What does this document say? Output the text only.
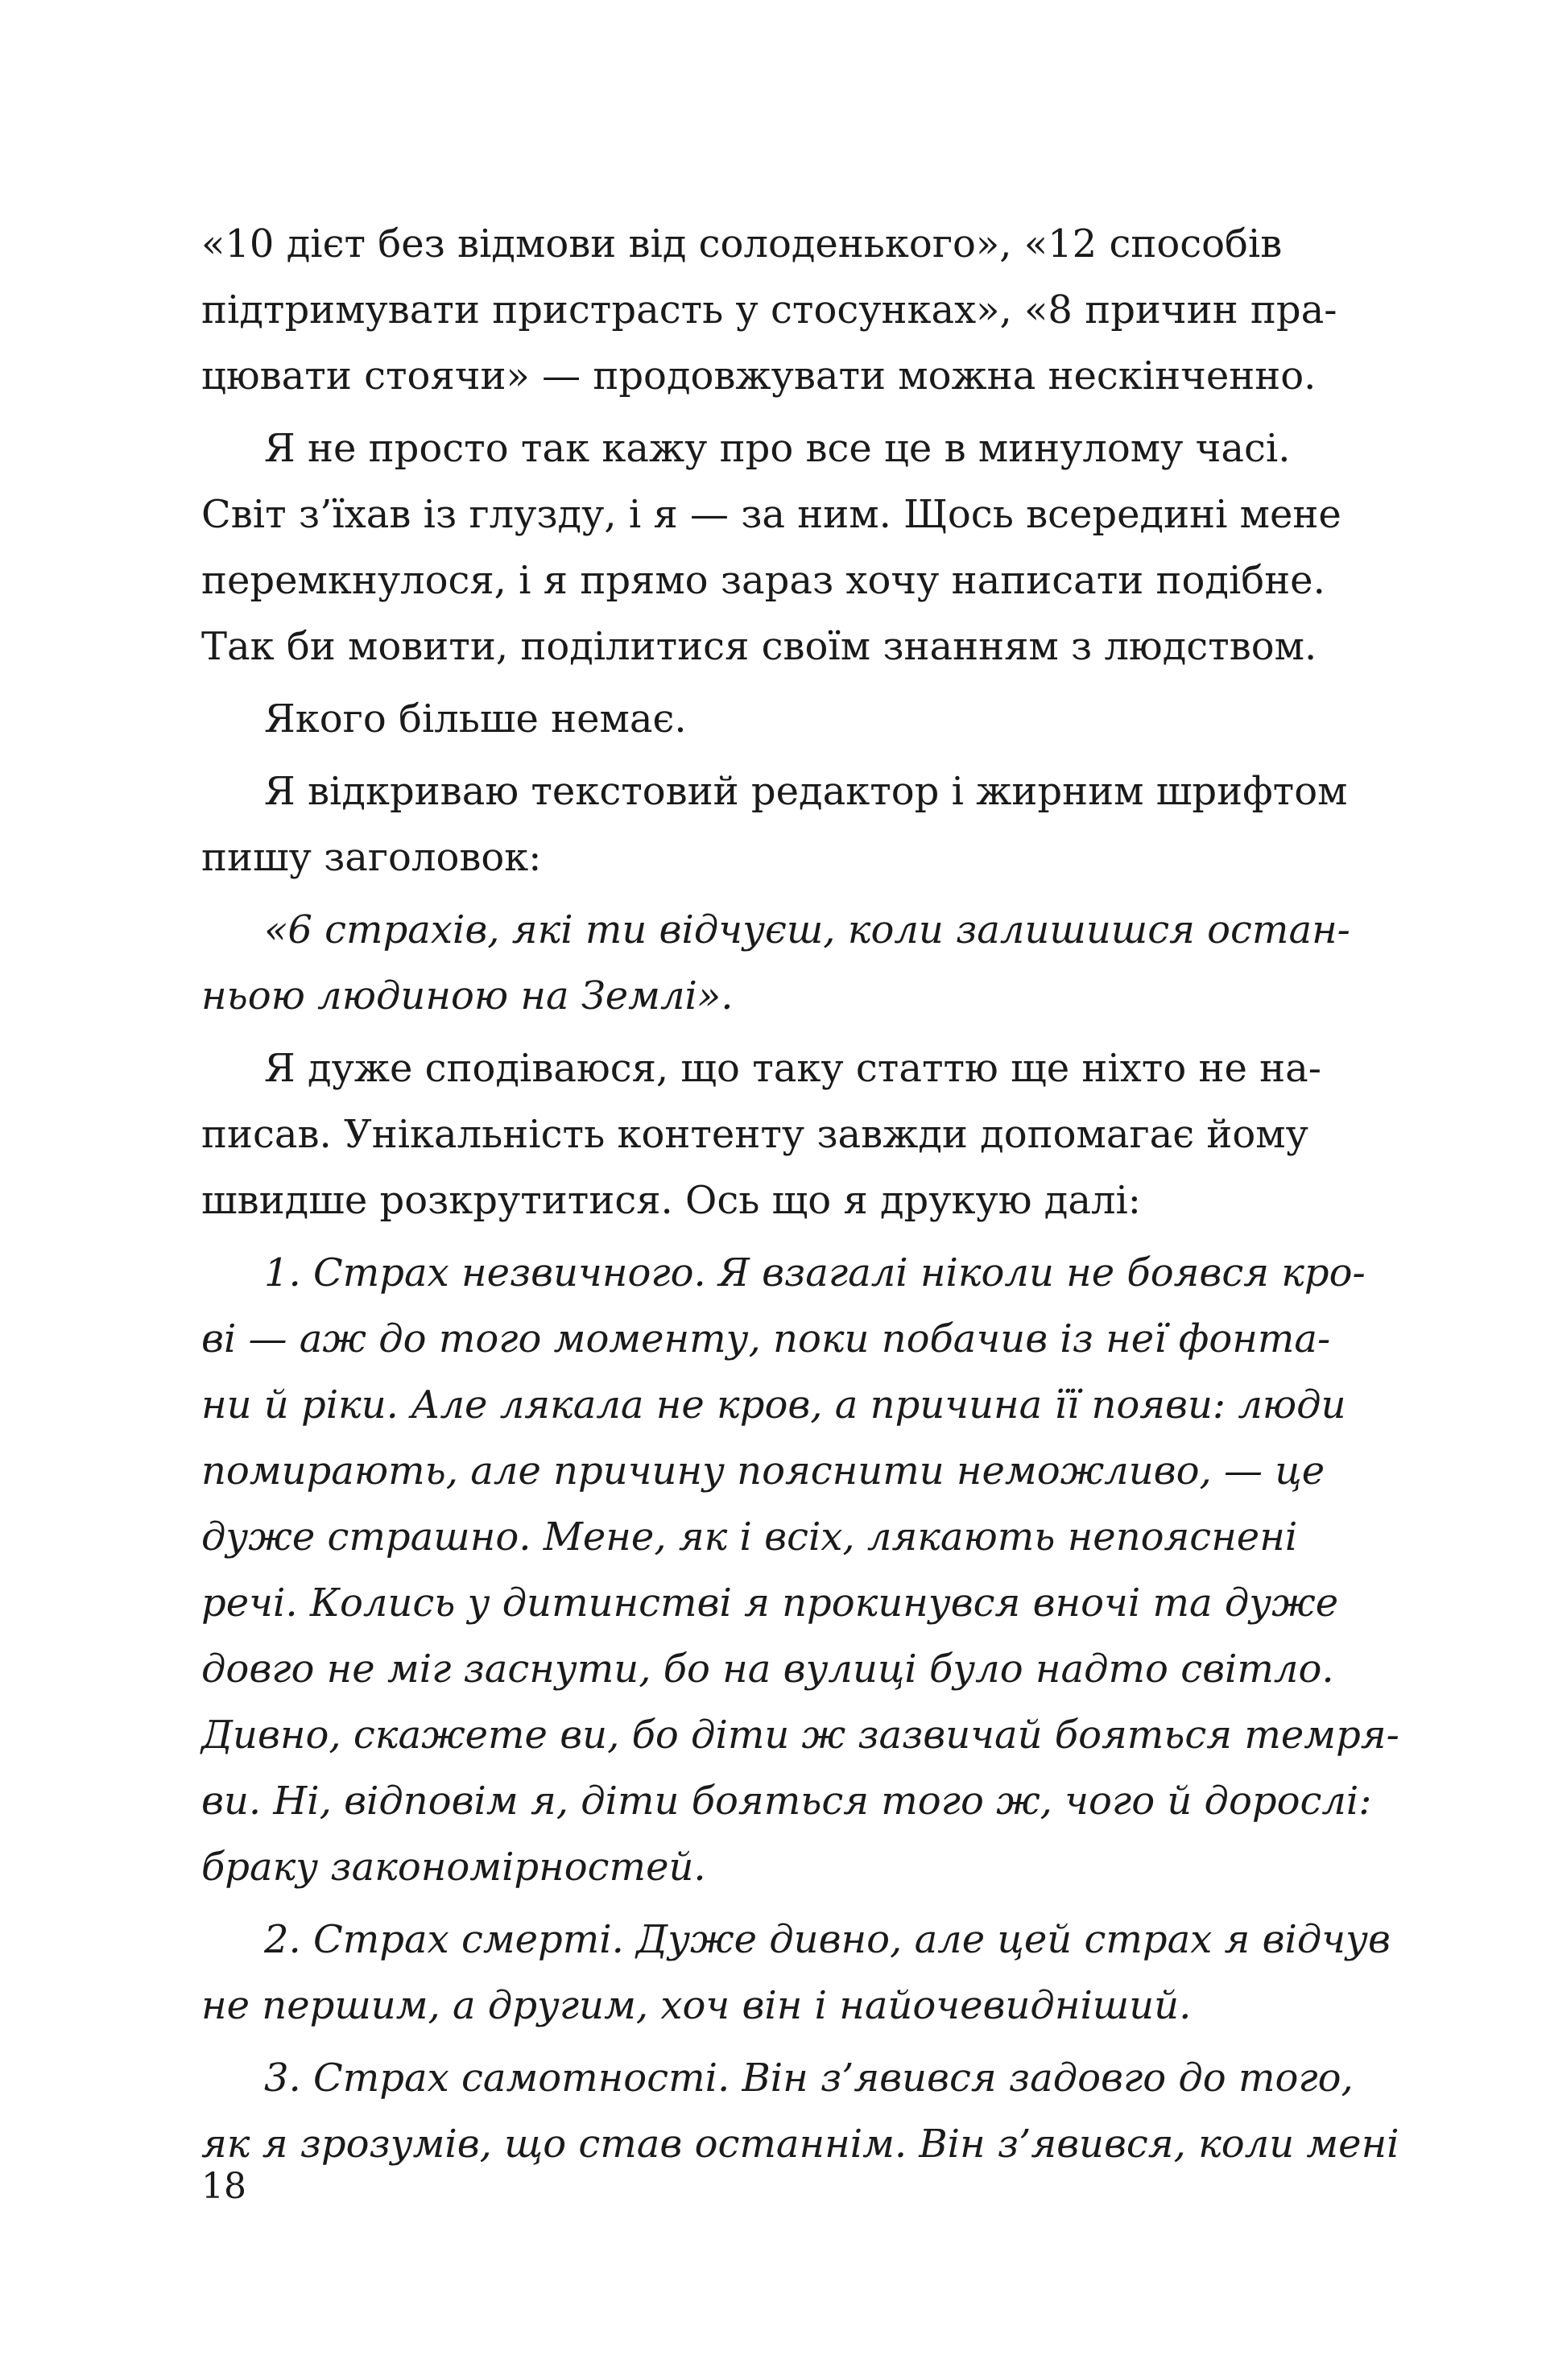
«10 дієт без відмови від солоденького», «12 способів
підтримувати пристрасть у стосунках», «8 причин пра-
цювати стоячи» — продовжувати можна нескінченно.
Я не просто так кажу про все це в минулому часі.
Світ з’їхав із глузду, і я — за ним. Щось всередині мене
перемкнулося, і я прямо зараз хочу написати подібне.
Так би мовити, поділитися своїм знанням з людством.
Якого більше немає.
Я відкриваю текстовий редактор і жирним шрифтом
пишу заголовок:
«6 страхів, які ти відчуєш, коли залишишся остан-
ньою людиною на Землі».
Я дуже сподіваюся, що таку статтю ще ніхто не на-
писав. Унікальність контенту завжди допомагає йому
швидше розкрутитися. Ось що я друкую далі:
1. Страх незвичного. Я взагалі ніколи не боявся кро-
ві — аж до того моменту, поки побачив із неї фонта-
ни й ріки. Але лякала не кров, а причина її появи: люди
помирають, але причину пояснити неможливо, — це
дуже страшно. Мене, як і всіх, лякають непояснені
речі. Колись у дитинстві я прокинувся вночі та дуже
довго не міг заснути, бо на вулиці було надто світло.
Дивно, скажете ви, бо діти ж зазвичай бояться темря-
ви. Ні, відповім я, діти бояться того ж, чого й дорослі:
браку закономірностей.
2. Страх смерті. Дуже дивно, але цей страх я відчув
не першим, а другим, хоч він і найочевидніший.
3. Страх самотності. Він з’явився задовго до того,
як я зрозумів, що став останнім. Він з’явився, коли мені
18
